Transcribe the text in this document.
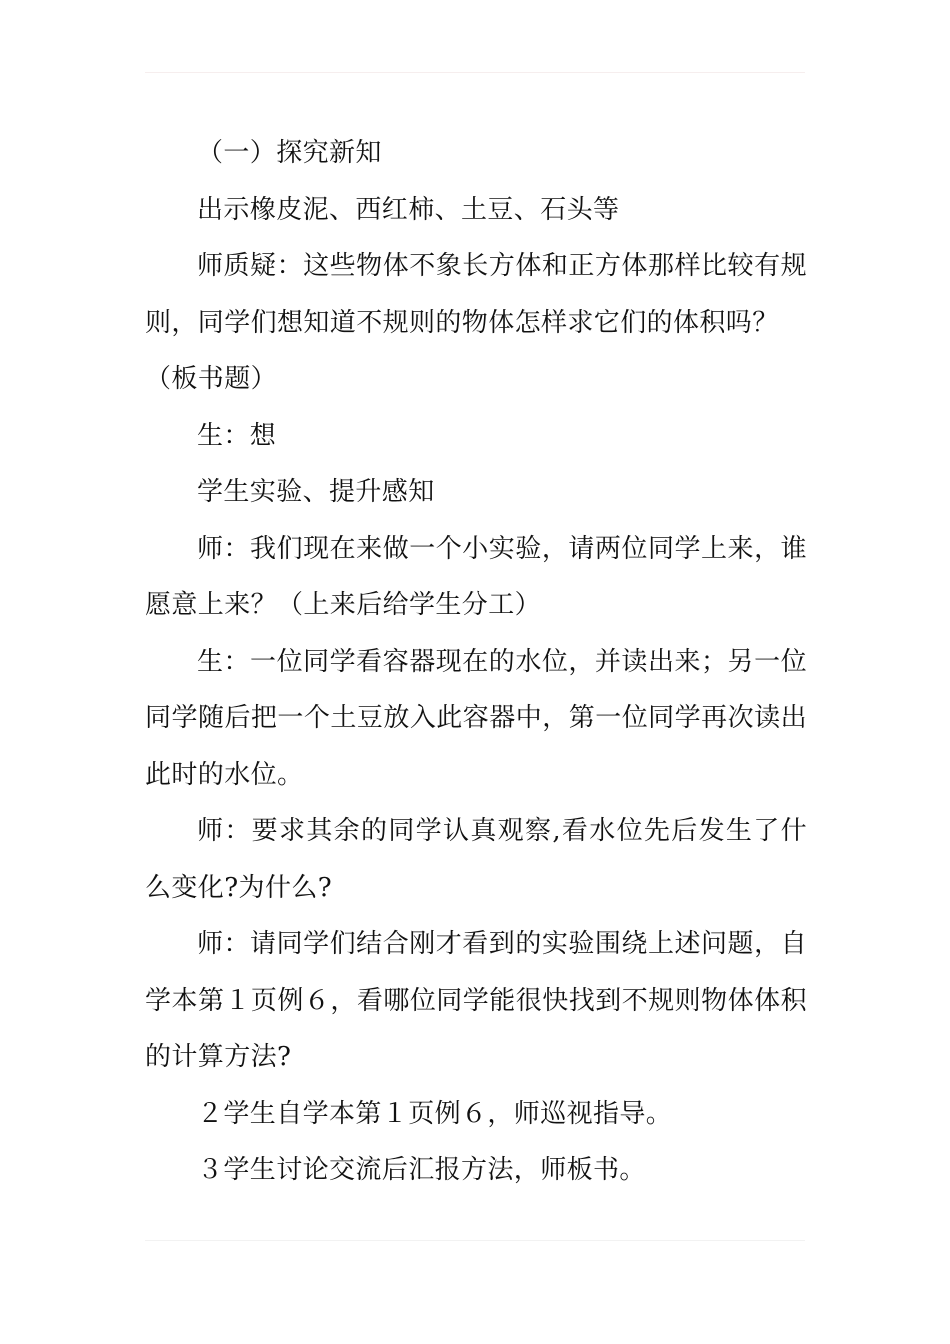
（一）探究新知

出示橡皮泥、西红柿、土豆、石头等

师质疑：这些物体不象长方体和正方体那样比较有规则，同学们想知道不规则的物体怎样求它们的体积吗？

（板书题）

生：想

学生实验、提升感知

师：我们现在来做一个小实验，请两位同学上来，谁愿意上来？（上来后给学生分工）

生：一位同学看容器现在的水位，并读出来；另一位同学随后把一个土豆放入此容器中，第一位同学再次读出此时的水位。

师：要求其余的同学认真观察,看水位先后发生了什么变化?为什么?

师：请同学们结合刚才看到的实验围绕上述问题，自学本第１页例６，看哪位同学能很快找到不规则物体体积的计算方法?

２学生自学本第１页例６，师巡视指导。

３学生讨论交流后汇报方法，师板书。
